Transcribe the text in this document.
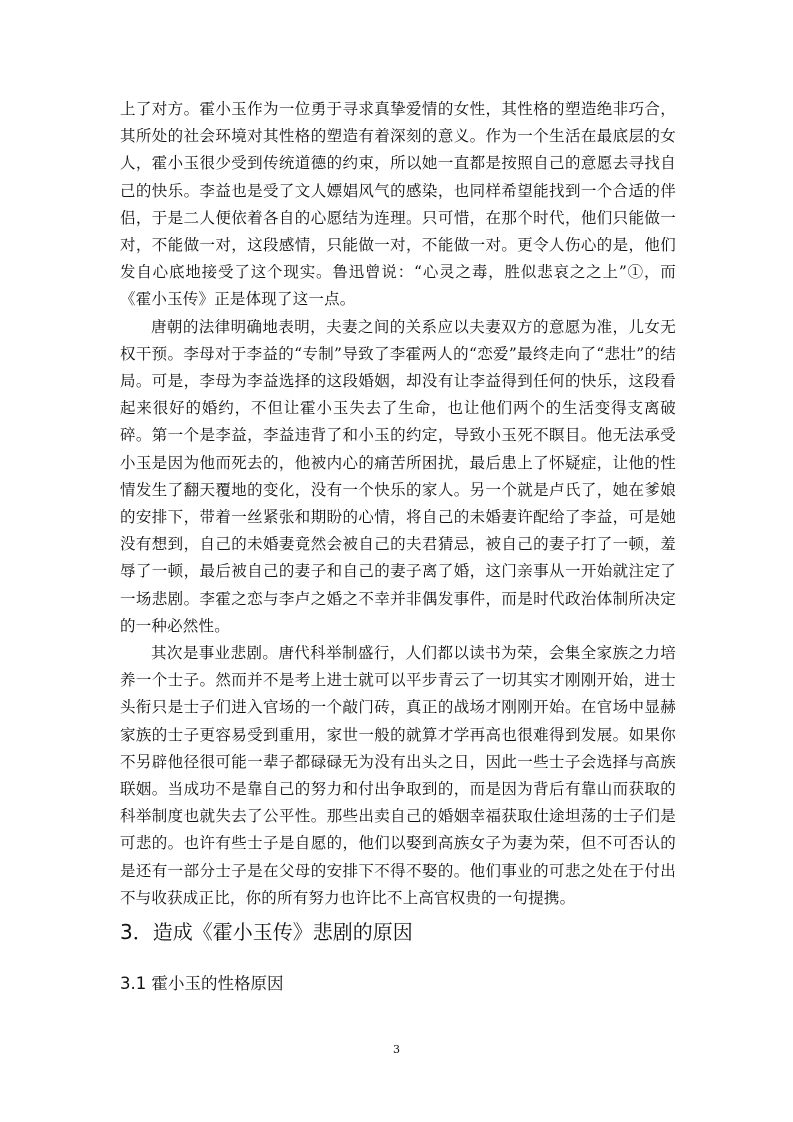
上了对方。霍小玉作为一位勇于寻求真挚爱情的女性，其性格的塑造绝非巧合，其所处的社会环境对其性格的塑造有着深刻的意义。作为一个生活在最底层的女人，霍小玉很少受到传统道德的约束，所以她一直都是按照自己的意愿去寻找自己的快乐。李益也是受了文人嫖娼风气的感染，也同样希望能找到一个合适的伴侣，于是二人便依着各自的心愿结为连理。只可惜，在那个时代，他们只能做一对，不能做一对，这段感情，只能做一对，不能做一对。更令人伤心的是，他们发自心底地接受了这个现实。鲁迅曾说：“心灵之毒，胜似悲哀之之上”①，而《霍小玉传》正是体现了这一点。

唐朝的法律明确地表明，夫妻之间的关系应以夫妻双方的意愿为准，儿女无权干预。李母对于李益的“专制”导致了李霍两人的“恋爱”最终走向了“悲壮”的结局。可是，李母为李益选择的这段婚姻，却没有让李益得到任何的快乐，这段看起来很好的婚约，不但让霍小玉失去了生命，也让他们两个的生活变得支离破碎。第一个是李益，李益违背了和小玉的约定，导致小玉死不瞑目。他无法承受小玉是因为他而死去的，他被内心的痛苦所困扰，最后患上了怀疑症，让他的性情发生了翻天覆地的变化，没有一个快乐的家人。另一个就是卢氏了，她在爹娘的安排下，带着一丝紧张和期盼的心情，将自己的未婚妻许配给了李益，可是她没有想到，自己的未婚妻竟然会被自己的夫君猜忌，被自己的妻子打了一顿，羞辱了一顿，最后被自己的妻子和自己的妻子离了婚，这门亲事从一开始就注定了一场悲剧。李霍之恋与李卢之婚之不幸并非偶发事件，而是时代政治体制所决定的一种必然性。

其次是事业悲剧。唐代科举制盛行，人们都以读书为荣，会集全家族之力培养一个士子。然而并不是考上进士就可以平步青云了一切其实才刚刚开始，进士头衔只是士子们进入官场的一个敲门砖，真正的战场才刚刚开始。在官场中显赫家族的士子更容易受到重用，家世一般的就算才学再高也很难得到发展。如果你不另辟他径很可能一辈子都碌碌无为没有出头之日，因此一些士子会选择与高族联姻。当成功不是靠自己的努力和付出争取到的，而是因为背后有靠山而获取的科举制度也就失去了公平性。那些出卖自己的婚姻幸福获取仕途坦荡的士子们是可悲的。也许有些士子是自愿的，他们以娶到高族女子为妻为荣，但不可否认的是还有一部分士子是在父母的安排下不得不娶的。他们事业的可悲之处在于付出不与收获成正比，你的所有努力也许比不上高官权贵的一句提携。

3．造成《霍小玉传》悲剧的原因
3.1 霍小玉的性格原因
3
